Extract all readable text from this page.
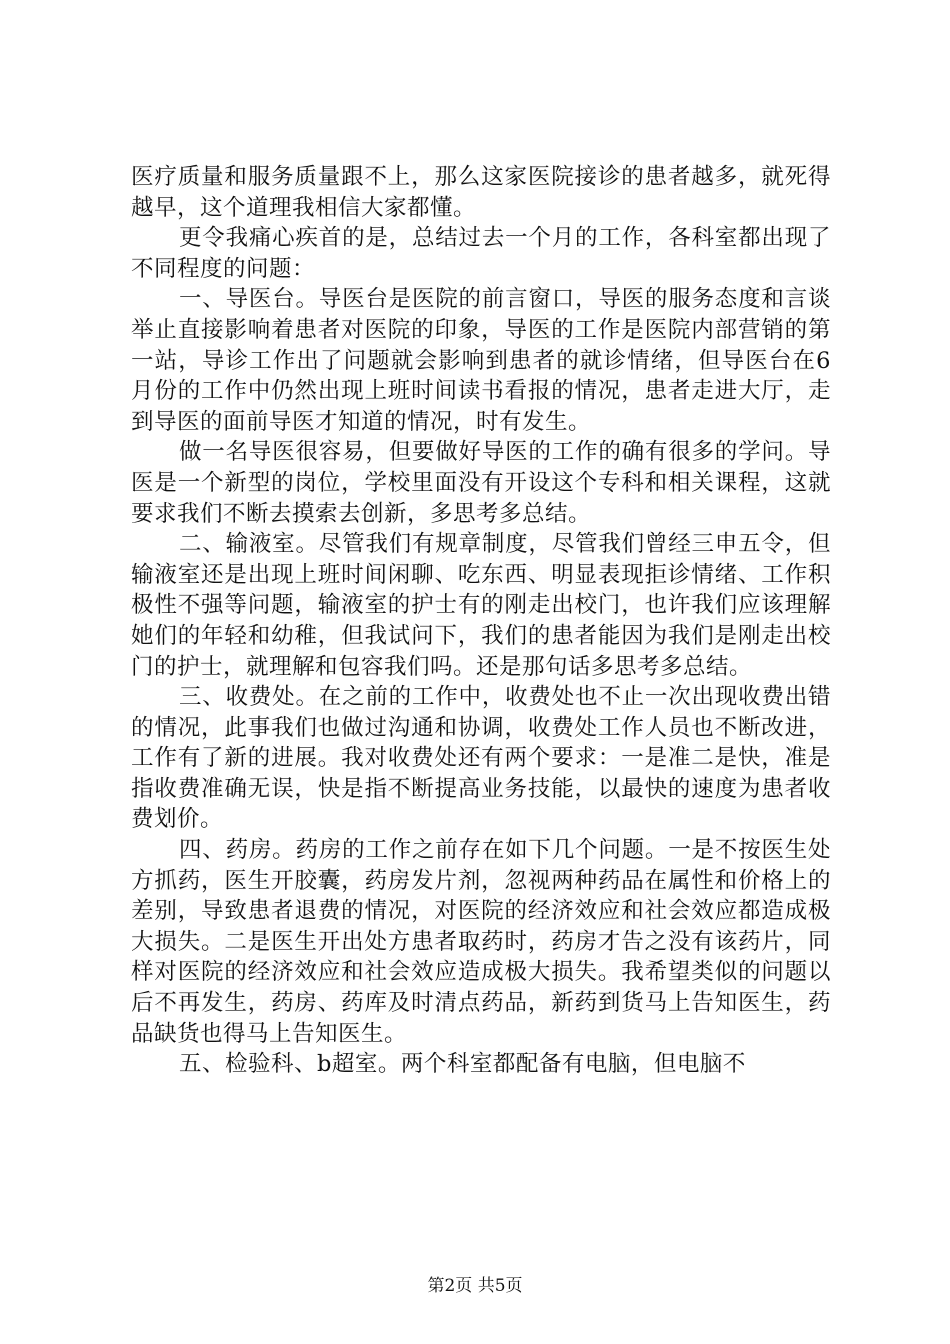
医疗质量和服务质量跟不上，那么这家医院接诊的患者越多，就死得越早，这个道理我相信大家都懂。

更令我痛心疾首的是，总结过去一个月的工作，各科室都出现了不同程度的问题：

一、导医台。导医台是医院的前言窗口，导医的服务态度和言谈举止直接影响着患者对医院的印象，导医的工作是医院内部营销的第一站，导诊工作出了问题就会影响到患者的就诊情绪，但导医台在6月份的工作中仍然出现上班时间读书看报的情况，患者走进大厅，走到导医的面前导医才知道的情况，时有发生。

做一名导医很容易，但要做好导医的工作的确有很多的学问。导医是一个新型的岗位，学校里面没有开设这个专科和相关课程，这就要求我们不断去摸索去创新，多思考多总结。

二、输液室。尽管我们有规章制度，尽管我们曾经三申五令，但输液室还是出现上班时间闲聊、吃东西、明显表现拒诊情绪、工作积极性不强等问题，输液室的护士有的刚走出校门，也许我们应该理解她们的年轻和幼稚，但我试问下，我们的患者能因为我们是刚走出校门的护士，就理解和包容我们吗。还是那句话多思考多总结。

三、收费处。在之前的工作中，收费处也不止一次出现收费出错的情况，此事我们也做过沟通和协调，收费处工作人员也不断改进，工作有了新的进展。我对收费处还有两个要求：一是准二是快，准是指收费准确无误，快是指不断提高业务技能，以最快的速度为患者收费划价。

四、药房。药房的工作之前存在如下几个问题。一是不按医生处方抓药，医生开胶囊，药房发片剂，忽视两种药品在属性和价格上的差别，导致患者退费的情况，对医院的经济效应和社会效应都造成极大损失。二是医生开出处方患者取药时，药房才告之没有该药片，同样对医院的经济效应和社会效应造成极大损失。我希望类似的问题以后不再发生，药房、药库及时清点药品，新药到货马上告知医生，药品缺货也得马上告知医生。

五、检验科、b超室。两个科室都配备有电脑，但电脑不

第2页 共5页
